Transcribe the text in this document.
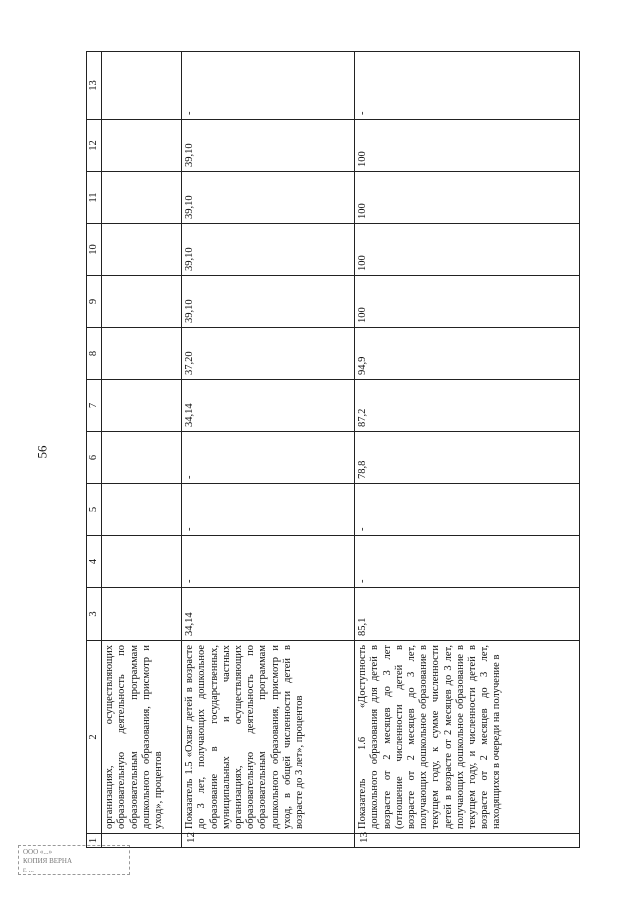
56
ООО «...»
КОПИЯ ВЕРНА
г. ...
1	2	3	4	5	6	7	8	9	10	11	12	13
	организациях, осуществляющих образовательную деятельность по образовательным программам дошкольного образования, присмотр и уход», процентов											
12	Показатель 1.5 «Охват детей в возрасте до 3 лет, получающих дошкольное образование в государственных, муниципальных и частных организациях, осуществляющих образовательную деятельность по образовательным программам дошкольного образования, присмотр и уход, в общей численности детей в возрасте до 3 лет», процентов	34,14	-	-	-	34,14	37,20	39,10	39,10	39,10	39,10	-
13	Показатель 1.6 «Доступность дошкольного образования для детей в возрасте от 2 месяцев до 3 лет (отношение численности детей в возрасте от 2 месяцев до 3 лет, получающих дошкольное образование в текущем году, к сумме численности детей в возрасте от 2 месяцев до 3 лет, получающих дошкольное образование в текущем году, и численности детей в возрасте от 2 месяцев до 3 лет, находящихся в очереди на получение в	85,1	-	-	78,8	87,2	94,9	100	100	100	100	-
